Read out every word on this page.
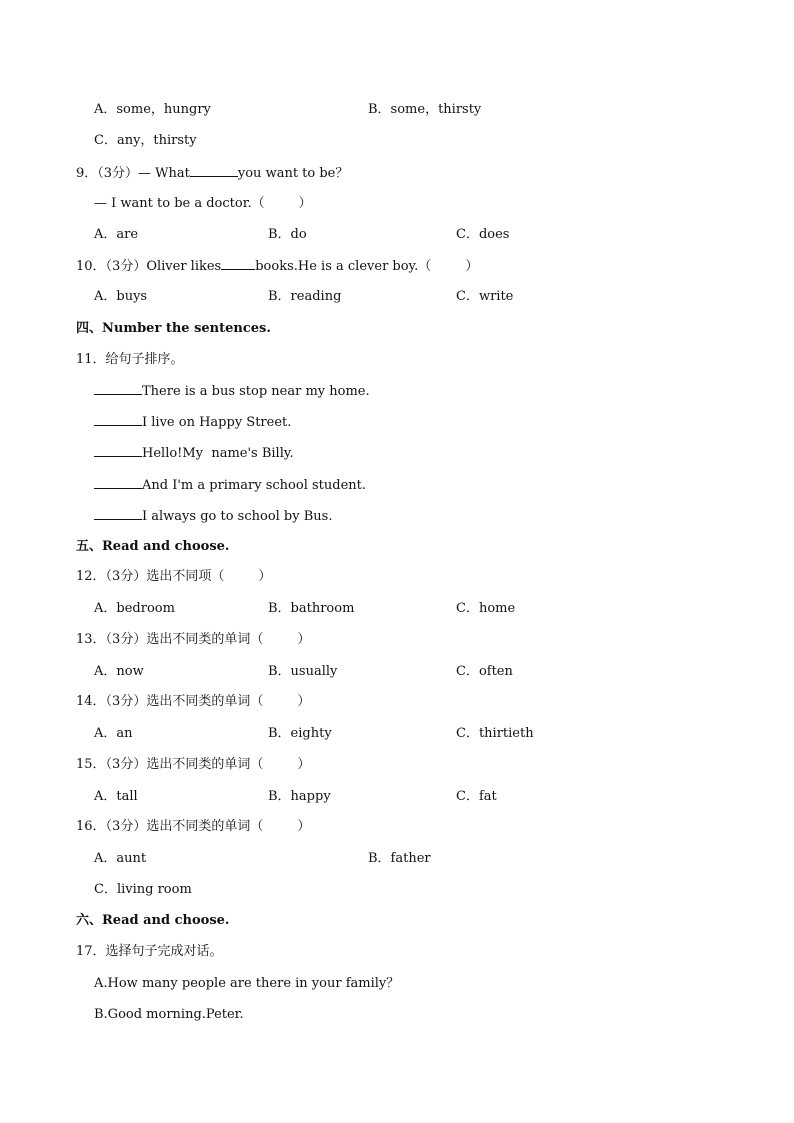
A．some，hungry	B．some，thirsty
C．any，thirsty
9．（3分）— What	you want to be？
— I want to be a doctor.（	）
A．are	B．do	C．does
10．（3分）Oliver likes	books.He is a clever boy.（	）
A．buys	B．reading	C．write
四、Number the sentences.
11．给句子排序。
There is a bus stop near my home.
I live on Happy Street.
Hello!My  name's Billy.
And I'm a primary school student.
I always go to school by Bus.
五、Read and choose.
12．（3分）选出不同项（	）
A．bedroom	B．bathroom	C．home
13．（3分）选出不同类的单词（	）
A．now	B．usually	C．often
14．（3分）选出不同类的单词（	）
A．an	B．eighty	C．thirtieth
15．（3分）选出不同类的单词（	）
A．tall	B．happy	C．fat
16．（3分）选出不同类的单词（	）
A．aunt	B．father
C．living room
六、Read and choose.
17．选择句子完成对话。
A.How many people are there in your family？
B.Good morning.Peter.
